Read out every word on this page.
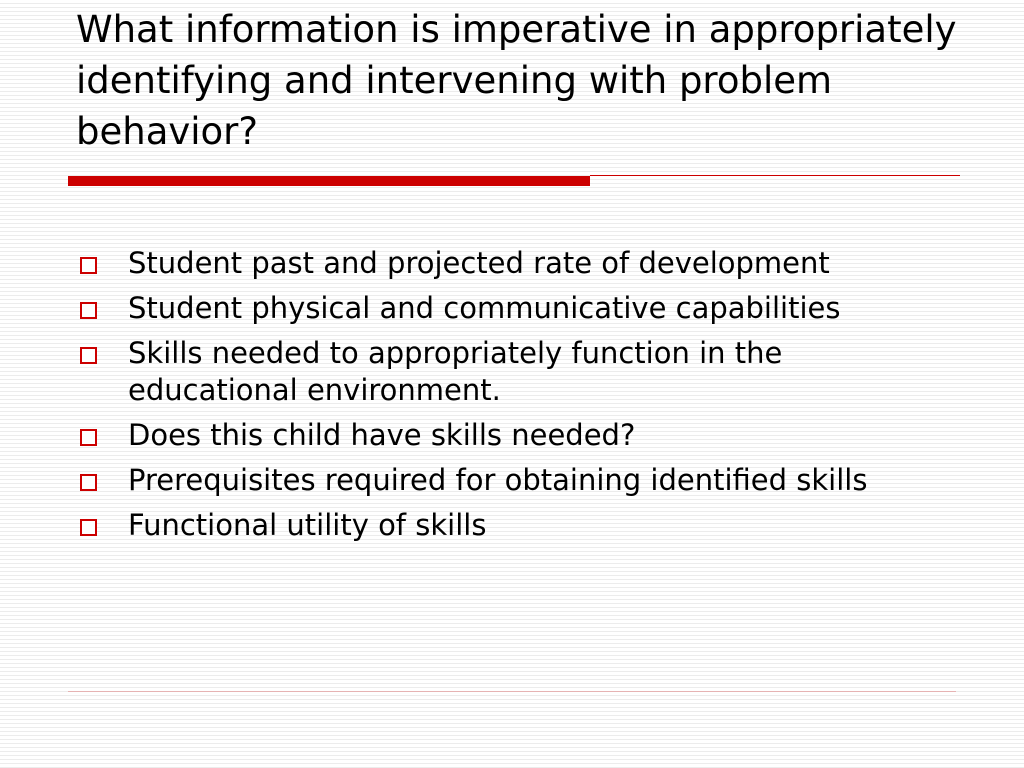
What information is imperative in appropriately identifying and intervening with problem behavior?
Student past and projected rate of development
Student physical and communicative capabilities
Skills needed to appropriately function in the educational environment.
Does this child have skills needed?
Prerequisites required for obtaining identified skills
Functional utility of skills
